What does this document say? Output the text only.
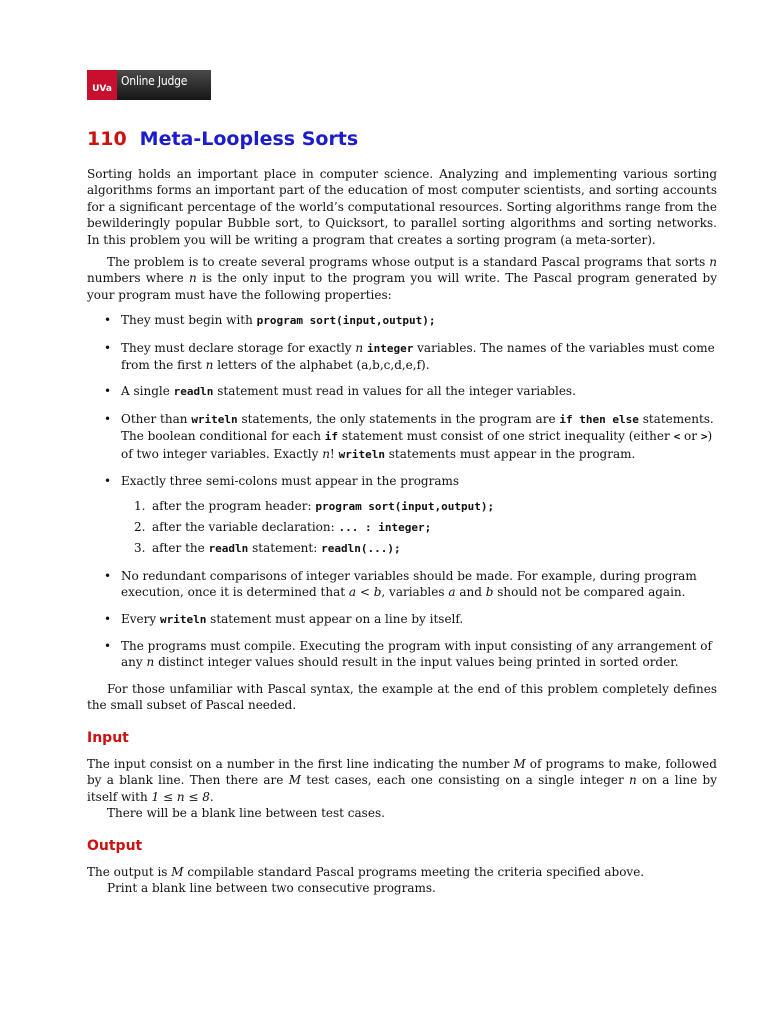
UVa
Online Judge
110 Meta-Loopless Sorts

Sorting holds an important place in computer science. Analyzing and implementing various sorting algorithms forms an important part of the education of most computer scientists, and sorting accounts for a significant percentage of the world’s computational resources. Sorting algorithms range from the bewilderingly popular Bubble sort, to Quicksort, to parallel sorting algorithms and sorting networks. In this problem you will be writing a program that creates a sorting program (a meta-sorter).

The problem is to create several programs whose output is a standard Pascal programs that sorts n numbers where n is the only input to the program you will write. The Pascal program generated by your program must have the following properties:

• They must begin with program sort(input,output);
• They must declare storage for exactly n integer variables. The names of the variables must come from the first n letters of the alphabet (a,b,c,d,e,f).
• A single readln statement must read in values for all the integer variables.
• Other than writeln statements, the only statements in the program are if then else statements. The boolean conditional for each if statement must consist of one strict inequality (either < or >) of two integer variables. Exactly n! writeln statements must appear in the program.
• Exactly three semi-colons must appear in the programs
1. after the program header: program sort(input,output);
2. after the variable declaration: ... : integer;
3. after the readln statement: readln(...);
• No redundant comparisons of integer variables should be made. For example, during program execution, once it is determined that a < b, variables a and b should not be compared again.
• Every writeln statement must appear on a line by itself.
• The programs must compile. Executing the program with input consisting of any arrangement of any n distinct integer values should result in the input values being printed in sorted order.

For those unfamiliar with Pascal syntax, the example at the end of this problem completely defines the small subset of Pascal needed.

Input

The input consist on a number in the first line indicating the number M of programs to make, followed by a blank line. Then there are M test cases, each one consisting on a single integer n on a line by itself with 1 ≤ n ≤ 8.
There will be a blank line between test cases.

Output

The output is M compilable standard Pascal programs meeting the criteria specified above.
Print a blank line between two consecutive programs.
